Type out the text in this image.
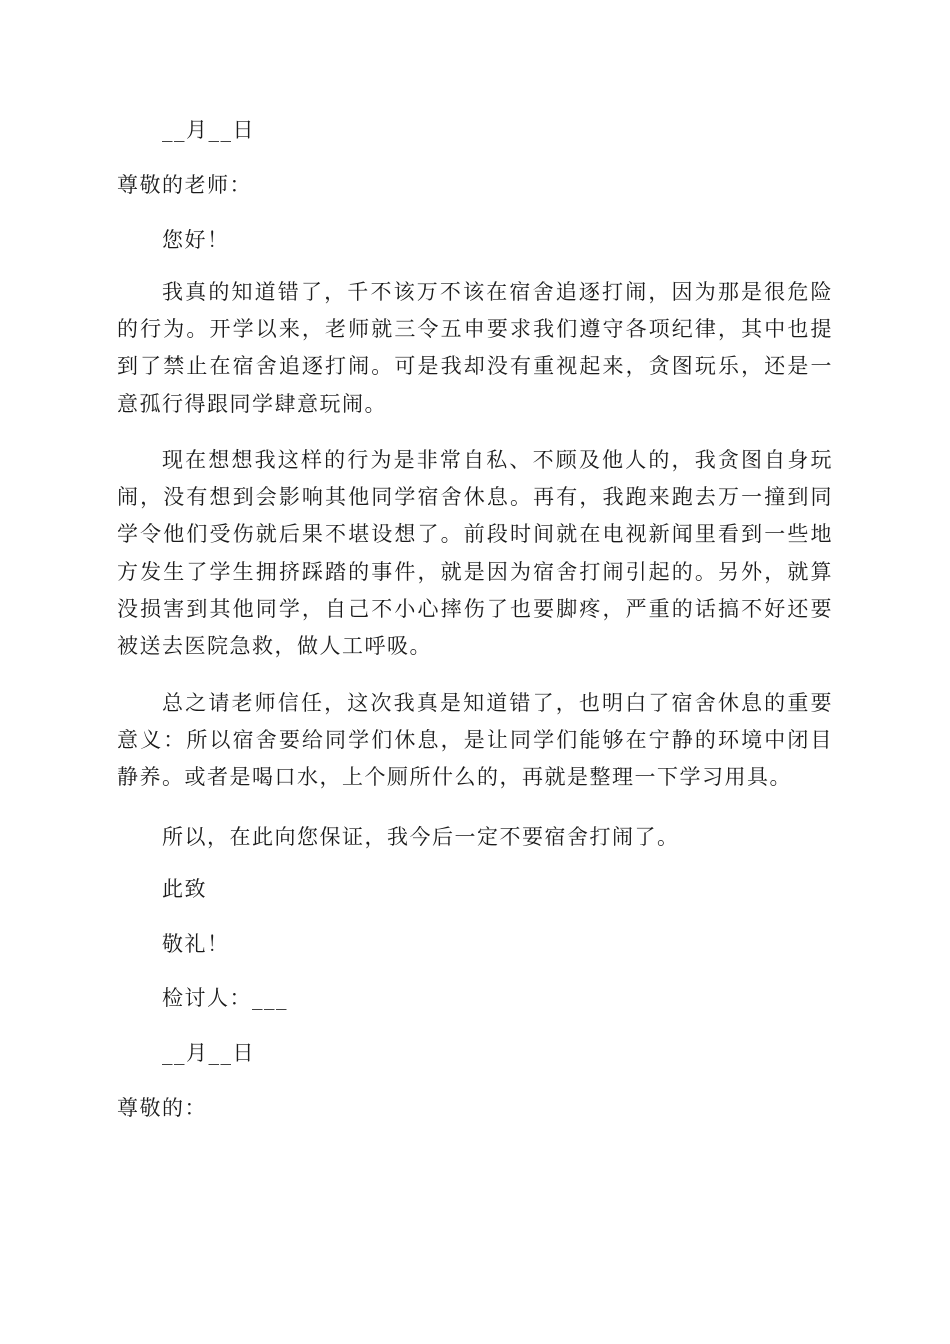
__月__日
尊敬的老师：
您好！
我真的知道错了，千不该万不该在宿舍追逐打闹，因为那是很危险的行为。开学以来，老师就三令五申要求我们遵守各项纪律，其中也提到了禁止在宿舍追逐打闹。可是我却没有重视起来，贪图玩乐，还是一意孤行得跟同学肆意玩闹。
现在想想我这样的行为是非常自私、不顾及他人的，我贪图自身玩闹，没有想到会影响其他同学宿舍休息。再有，我跑来跑去万一撞到同学令他们受伤就后果不堪设想了。前段时间就在电视新闻里看到一些地方发生了学生拥挤踩踏的事件，就是因为宿舍打闹引起的。另外，就算没损害到其他同学，自己不小心摔伤了也要脚疼，严重的话搞不好还要被送去医院急救，做人工呼吸。
总之请老师信任，这次我真是知道错了，也明白了宿舍休息的重要意义：所以宿舍要给同学们休息，是让同学们能够在宁静的环境中闭目静养。或者是喝口水，上个厕所什么的，再就是整理一下学习用具。
所以，在此向您保证，我今后一定不要宿舍打闹了。
此致
敬礼！
检讨人：___
__月__日
尊敬的：
